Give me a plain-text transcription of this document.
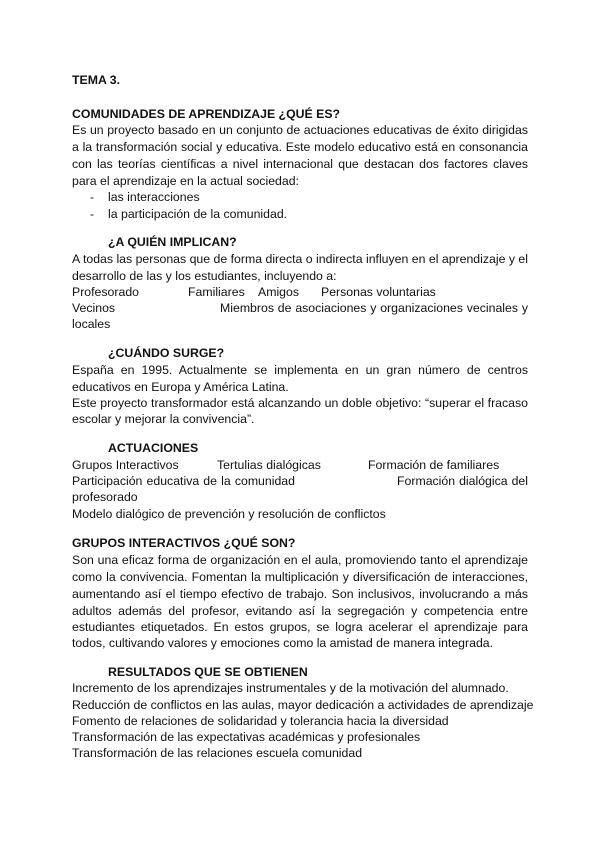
TEMA 3.
COMUNIDADES DE APRENDIZAJE ¿QUÉ ES?
Es un proyecto basado en un conjunto de actuaciones educativas de éxito dirigidas
a la transformación social y educativa. Este modelo educativo está en consonancia
con las teorías científicas a nivel internacional que destacan dos factores claves
para el aprendizaje en la actual sociedad:
- las interacciones
- la participación de la comunidad.
¿A QUIÉN IMPLICAN?
A todas las personas que de forma directa o indirecta influyen en el aprendizaje y el
desarrollo de las y los estudiantes, incluyendo a:
Profesorado	Familiares Amigos Personas voluntarias
Vecinos	Miembros de asociaciones y organizaciones vecinales y
locales
¿CUÁNDO SURGE?
España en 1995. Actualmente se implementa en un gran número de centros
educativos en Europa y América Latina.
Este proyecto transformador está alcanzando un doble objetivo: “superar el fracaso
escolar y mejorar la convivencia”.
ACTUACIONES
Grupos Interactivos	Tertulias dialógicas	Formación de familiares
Participación educativa de la comunidad	Formación dialógica del
profesorado
Modelo dialógico de prevención y resolución de conflictos
GRUPOS INTERACTIVOS ¿QUÉ SON?
Son una eficaz forma de organización en el aula, promoviendo tanto el aprendizaje
como la convivencia. Fomentan la multiplicación y diversificación de interacciones,
aumentando así el tiempo efectivo de trabajo. Son inclusivos, involucrando a más
adultos además del profesor, evitando así la segregación y competencia entre
estudiantes etiquetados. En estos grupos, se logra acelerar el aprendizaje para
todos, cultivando valores y emociones como la amistad de manera integrada.
RESULTADOS QUE SE OBTIENEN
Incremento de los aprendizajes instrumentales y de la motivación del alumnado.
Reducción de conflictos en las aulas, mayor dedicación a actividades de aprendizaje
Fomento de relaciones de solidaridad y tolerancia hacia la diversidad
Transformación de las expectativas académicas y profesionales
Transformación de las relaciones escuela comunidad
